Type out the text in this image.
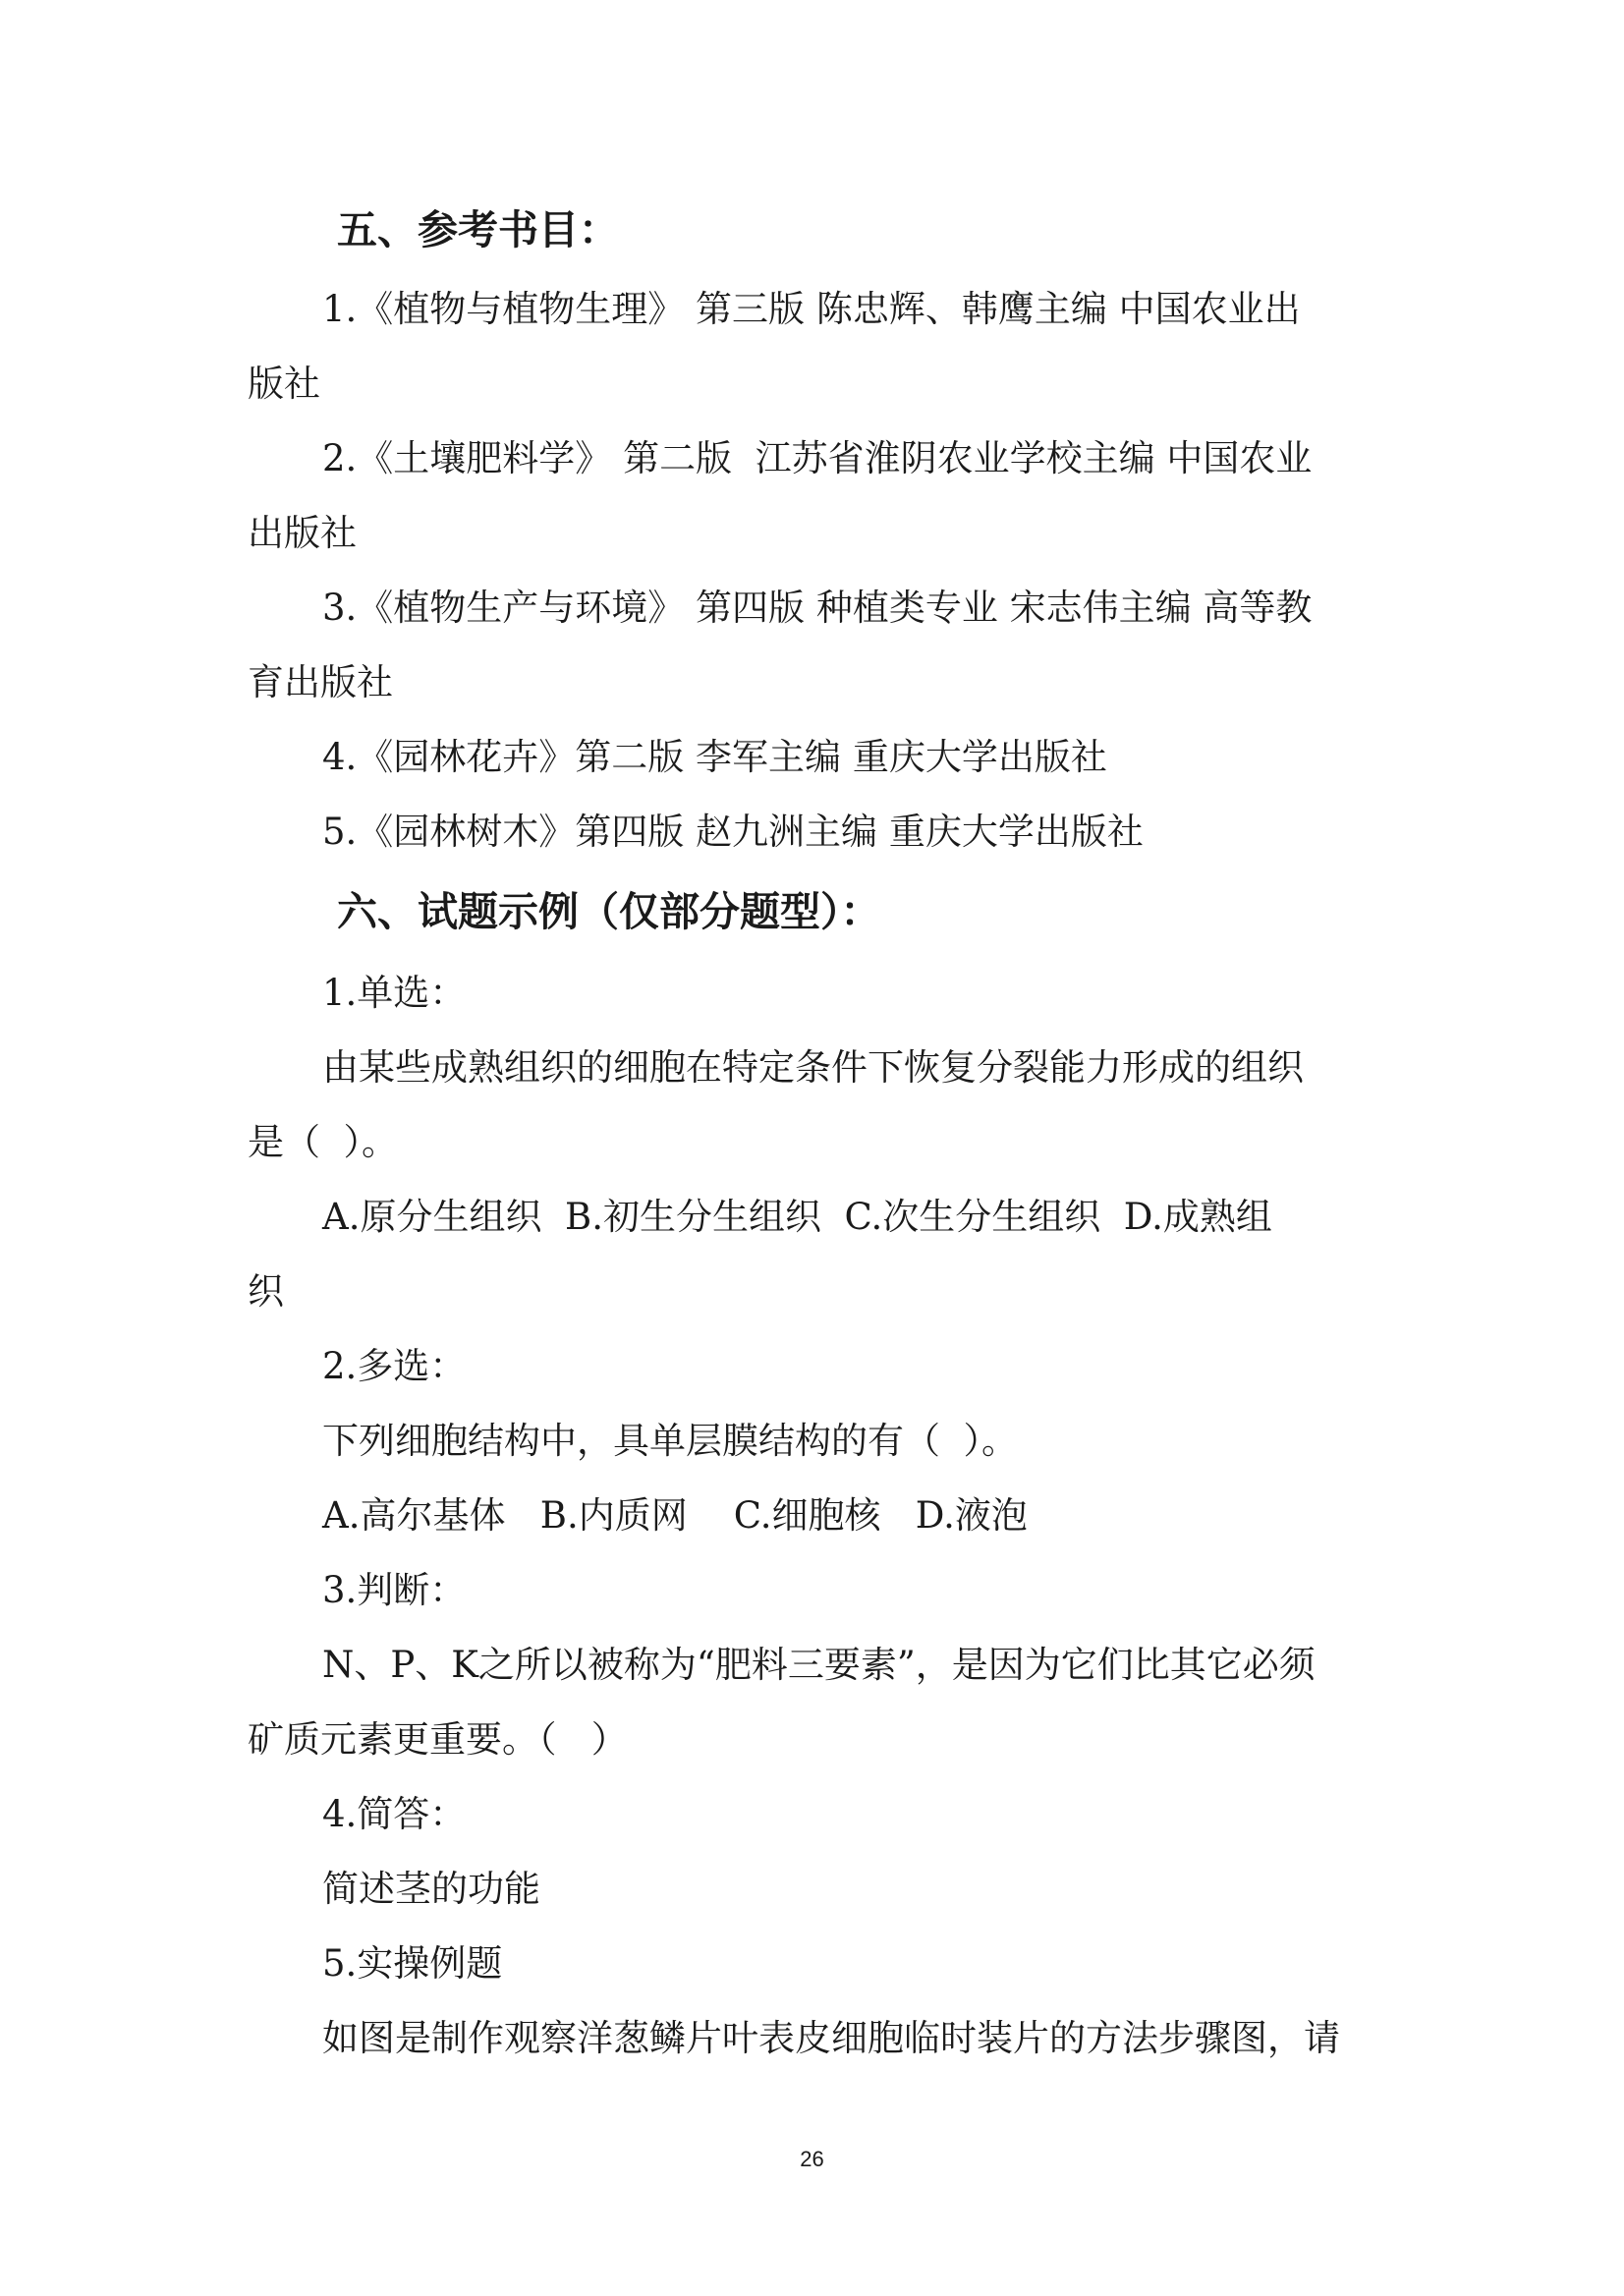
五、参考书目：
1.《植物与植物生理》 第三版 陈忠辉、韩鹰主编 中国农业出
版社
2.《土壤肥料学》 第二版  江苏省淮阴农业学校主编 中国农业
出版社
3.《植物生产与环境》 第四版 种植类专业 宋志伟主编 高等教
育出版社
4.《园林花卉》第二版 李军主编 重庆大学出版社
5.《园林树木》第四版 赵九洲主编 重庆大学出版社
六、试题示例（仅部分题型）：
1.单选：
由某些成熟组织的细胞在特定条件下恢复分裂能力形成的组织
是（  ）。
A.原分生组织  B.初生分生组织  C.次生分生组织  D.成熟组
织
2.多选：
下列细胞结构中，具单层膜结构的有（  ）。
A.高尔基体   B.内质网    C.细胞核   D.液泡
3.判断：
N、P、K之所以被称为“肥料三要素”，是因为它们比其它必须
矿质元素更重要。（   ）
4.简答：
简述茎的功能
5.实操例题
如图是制作观察洋葱鳞片叶表皮细胞临时装片的方法步骤图，请
26
